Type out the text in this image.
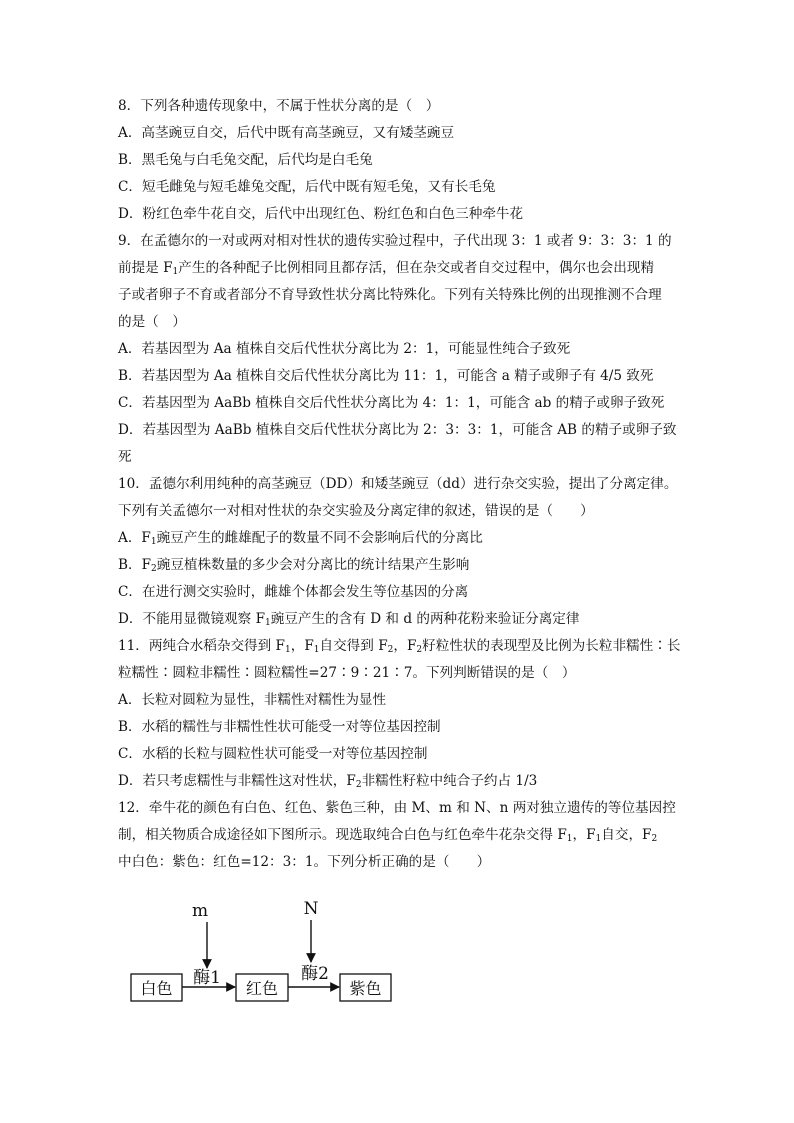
8．下列各种遗传现象中，不属于性状分离的是（　）
A．高茎豌豆自交，后代中既有高茎豌豆，又有矮茎豌豆
B．黑毛兔与白毛兔交配，后代均是白毛兔
C．短毛雌兔与短毛雄兔交配，后代中既有短毛兔，又有长毛兔
D．粉红色牵牛花自交，后代中出现红色、粉红色和白色三种牵牛花
9．在孟德尔的一对或两对相对性状的遗传实验过程中，子代出现 3：1 或者 9：3：3：1 的
前提是 $F_1$产生的各种配子比例相同且都存活，但在杂交或者自交过程中，偶尔也会出现精
子或者卵子不育或者部分不育导致性状分离比特殊化。下列有关特殊比例的出现推测不合理
的是（　）
A．若基因型为 Aa 植株自交后代性状分离比为 2：1，可能显性纯合子致死
B．若基因型为 Aa 植株自交后代性状分离比为 11：1，可能含 a 精子或卵子有 4/5 致死
C．若基因型为 AaBb 植株自交后代性状分离比为 4：1：1，可能含 ab 的精子或卵子致死
D．若基因型为 AaBb 植株自交后代性状分离比为 2：3：3：1，可能含 AB 的精子或卵子致
死
10．孟德尔利用纯种的高茎豌豆（DD）和矮茎豌豆（dd）进行杂交实验，提出了分离定律。
下列有关孟德尔一对相对性状的杂交实验及分离定律的叙述，错误的是（　　）
A．$F_1$豌豆产生的雌雄配子的数量不同不会影响后代的分离比
B．$F_2$豌豆植株数量的多少会对分离比的统计结果产生影响
C．在进行测交实验时，雌雄个体都会发生等位基因的分离
D．不能用显微镜观察 $F_1$豌豆产生的含有 D 和 d 的两种花粉来验证分离定律
11．两纯合水稻杂交得到 $F_1$，$F_1$自交得到 $F_2$，$F_2$籽粒性状的表现型及比例为长粒非糯性∶长
粒糯性∶圆粒非糯性∶圆粒糯性=27∶9∶21∶7。下列判断错误的是（　）
A．长粒对圆粒为显性，非糯性对糯性为显性
B．水稻的糯性与非糯性性状可能受一对等位基因控制
C．水稻的长粒与圆粒性状可能受一对等位基因控制
D．若只考虑糯性与非糯性这对性状，$F_2$非糯性籽粒中纯合子约占 1/3
12．牵牛花的颜色有白色、红色、紫色三种，由 M、m 和 N、n 两对独立遗传的等位基因控
制，相关物质合成途径如下图所示。现选取纯合白色与红色牵牛花杂交得 $F_1$，$F_1$自交，$F_2$
中白色：紫色：红色=12：3：1。下列分析正确的是（　　）
m	N
酶1	酶2
白色	红色	紫色
